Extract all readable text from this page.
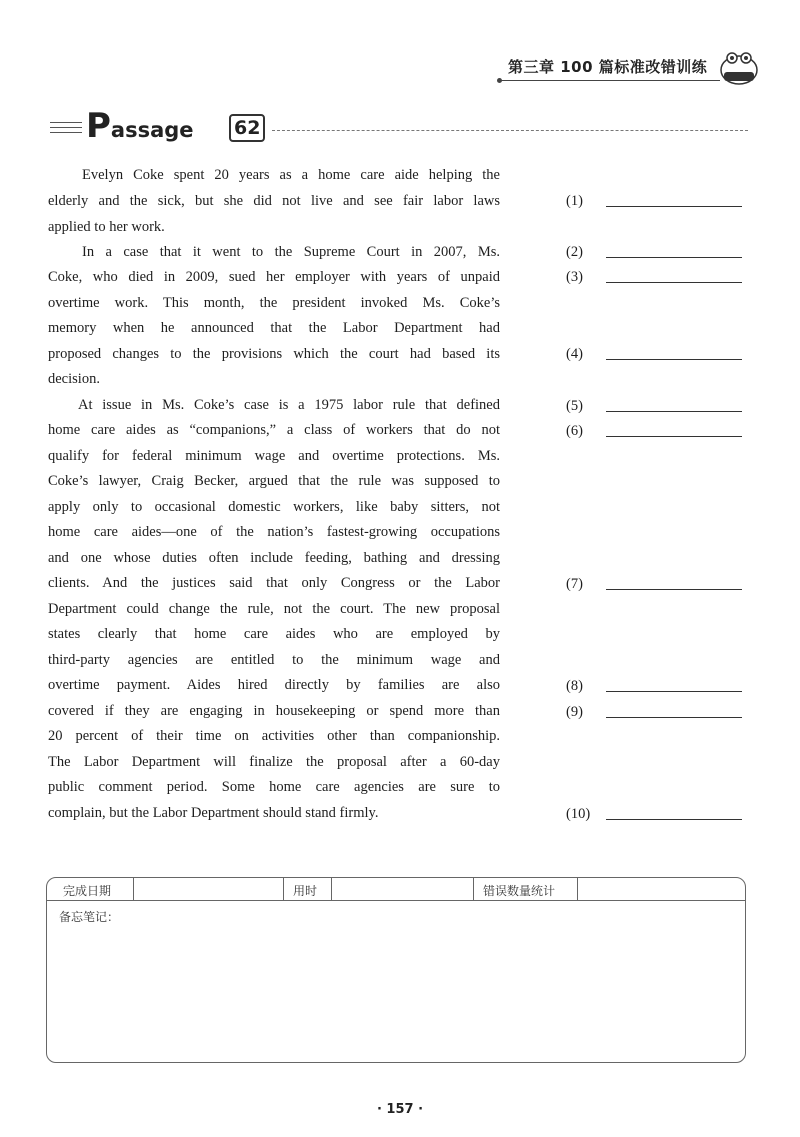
第三章 100 篇标准改错训练
Passage 62
Evelyn Coke spent 20 years as a home care aide helping the
elderly and the sick, but she did not live and see fair labor laws
applied to her work.
In a case that it went to the Supreme Court in 2007, Ms.
Coke, who died in 2009, sued her employer with years of unpaid
overtime work. This month, the president invoked Ms. Coke’s
memory when he announced that the Labor Department had
proposed changes to the provisions which the court had based its
decision.
At issue in Ms. Coke’s case is a 1975 labor rule that defined
home care aides as “companions,” a class of workers that do not
qualify for federal minimum wage and overtime protections. Ms.
Coke’s lawyer, Craig Becker, argued that the rule was supposed to
apply only to occasional domestic workers, like baby sitters, not
home care aides—one of the nation’s fastest-growing occupations
and one whose duties often include feeding, bathing and dressing
clients. And the justices said that only Congress or the Labor
Department could change the rule, not the court. The new proposal
states clearly that home care aides who are employed by
third-party agencies are entitled to the minimum wage and
overtime payment. Aides hired directly by families are also
covered if they are engaging in housekeeping or spend more than
20 percent of their time on activities other than companionship.
The Labor Department will finalize the proposal after a 60-day
public comment period. Some home care agencies are sure to
complain, but the Labor Department should stand firmly.
(1)
(2)
(3)
(4)
(5)
(6)
(7)
(8)
(9)
(10)
完成日期	用时	错误数量统计
备忘笔记：
· 157 ·
